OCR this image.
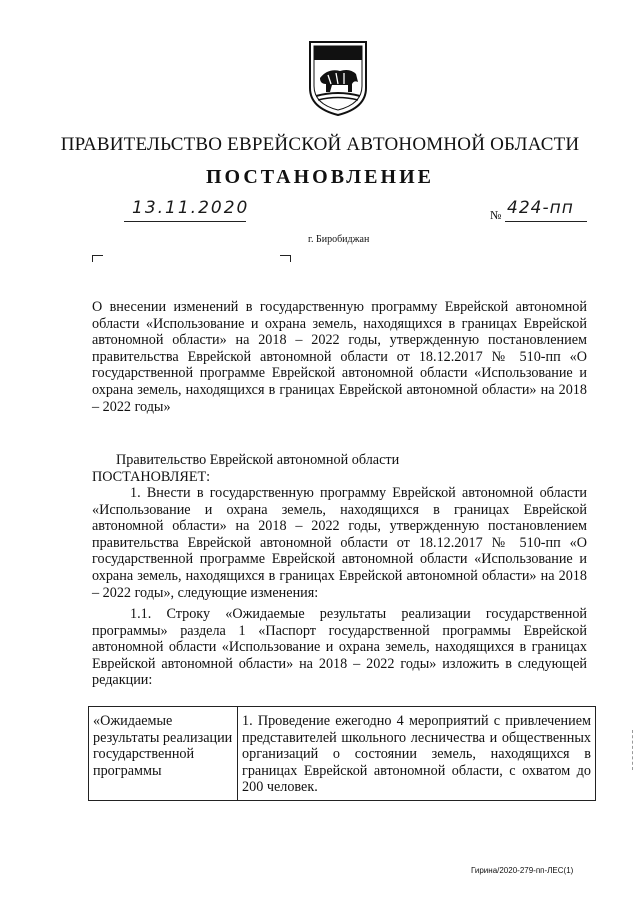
ПРАВИТЕЛЬСТВО ЕВРЕЙСКОЙ АВТОНОМНОЙ ОБЛАСТИ
ПОСТАНОВЛЕНИЕ
13.11.2020	№ 424-пп
г. Биробиджан
О внесении изменений в государственную программу Еврейской автономной области «Использование и охрана земель, находящихся в границах Еврейской автономной области» на 2018 – 2022 годы, утвержденную постановлением правительства Еврейской автономной области от 18.12.2017 № 510-пп «О государственной программе Еврейской автономной области «Использование и охрана земель, находящихся в границах Еврейской автономной области» на 2018 – 2022 годы»
Правительство Еврейской автономной области
ПОСТАНОВЛЯЕТ:
1. Внести в государственную программу Еврейской автономной области «Использование и охрана земель, находящихся в границах Еврейской автономной области» на 2018 – 2022 годы, утвержденную постановлением правительства Еврейской автономной области от 18.12.2017 № 510-пп «О государственной программе Еврейской автономной области «Использование и охрана земель, находящихся в границах Еврейской автономной области» на 2018 – 2022 годы», следующие изменения:
1.1. Строку «Ожидаемые результаты реализации государственной программы» раздела 1 «Паспорт государственной программы Еврейской автономной области «Использование и охрана земель, находящихся в границах Еврейской автономной области» на 2018 – 2022 годы» изложить в следующей редакции:
«Ожидаемые результаты реализации государственной программы	1. Проведение ежегодно 4 мероприятий с привлечением представителей школьного лесничества и общественных организаций о состоянии земель, находящихся в границах Еврейской автономной области, с охватом до 200 человек.
Гирина/2020-279-пп-ЛЕС(1)
